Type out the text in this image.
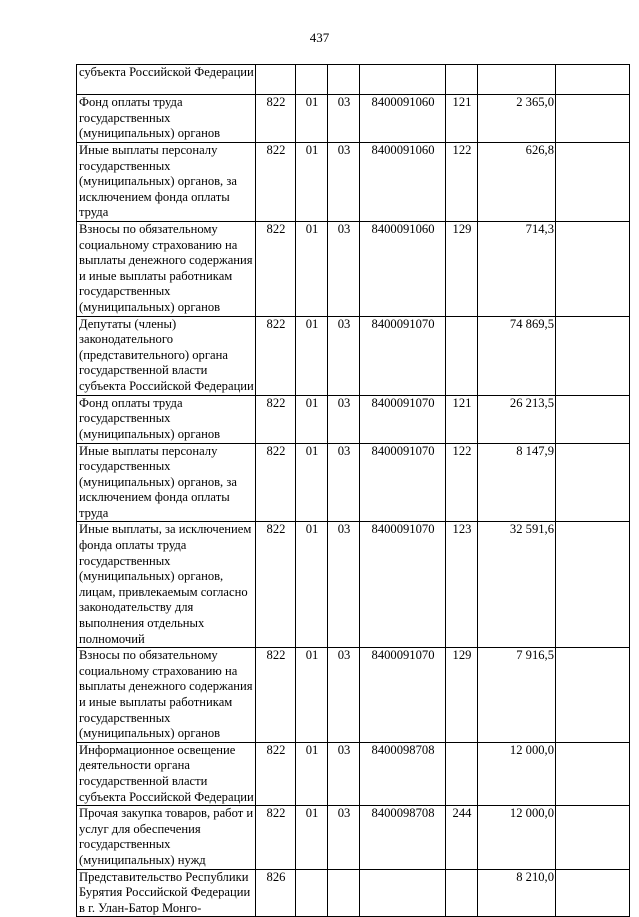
437
субъекта Российской Федерации							
Фонд оплаты труда государственных (муниципальных) органов	822	01	03	8400091060	121	2 365,0	
Иные выплаты персоналу государственных (муниципальных) органов, за исключением фонда оплаты труда	822	01	03	8400091060	122	626,8	
Взносы по обязательному социальному страхованию на выплаты денежного содержания и иные выплаты работникам государственных (муниципальных) органов	822	01	03	8400091060	129	714,3	
Депутаты (члены) законодательного (представительного) органа государственной власти субъекта Российской Федерации	822	01	03	8400091070		74 869,5	
Фонд оплаты труда государственных (муниципальных) органов	822	01	03	8400091070	121	26 213,5	
Иные выплаты персоналу государственных (муниципальных) органов, за исключением фонда оплаты труда	822	01	03	8400091070	122	8 147,9	
Иные выплаты, за исключением фонда оплаты труда государственных (муниципальных) органов, лицам, привлекаемым согласно законодательству для выполнения отдельных полномочий	822	01	03	8400091070	123	32 591,6	
Взносы по обязательному социальному страхованию на выплаты денежного содержания и иные выплаты работникам государственных (муниципальных) органов	822	01	03	8400091070	129	7 916,5	
Информационное освещение деятельности органа государственной власти субъекта Российской Федерации	822	01	03	8400098708		12 000,0	
Прочая закупка товаров, работ и услуг для обеспечения государственных (муниципальных) нужд	822	01	03	8400098708	244	12 000,0	
Представительство Республики Бурятия Российской Федерации в г. Улан-Батор Монго-	826					8 210,0	
